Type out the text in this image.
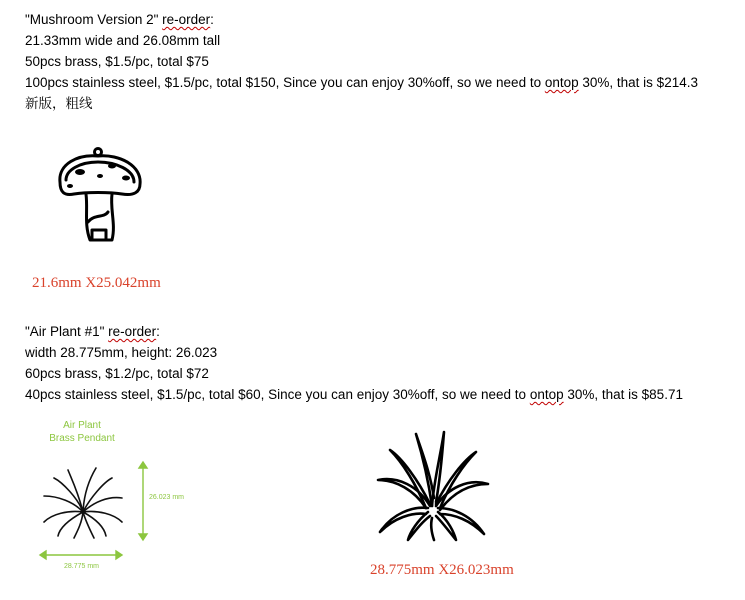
"Mushroom Version 2" re-order:
21.33mm wide and 26.08mm tall
50pcs brass, $1.5/pc, total $75
100pcs stainless steel, $1.5/pc, total $150, Since you can enjoy 30%off, so we need to ontop 30%, that is $214.3
新版，粗线
21.6mm X25.042mm
"Air Plant #1" re-order:
width 28.775mm, height: 26.023
60pcs brass, $1.2/pc, total $72
40pcs stainless steel, $1.5/pc, total $60, Since you can enjoy 30%off, so we need to ontop 30%, that is $85.71
Air Plant
Brass Pendant
26.023 mm
28.775 mm	28.775mm X26.023mm
